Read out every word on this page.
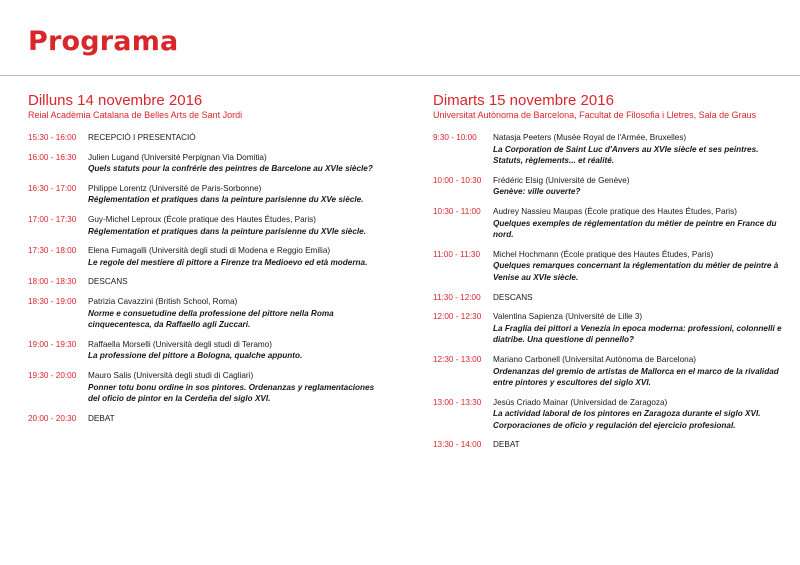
Programa
Dilluns 14 novembre 2016
Reial Acadèmia Catalana de Belles Arts de Sant Jordi
15:30 - 16:00	RECEPCIÓ I PRESENTACIÓ
16:00 - 16:30	Julien Lugand (Université Perpignan Via Domitia)
Quels statuts pour la confrérie des peintres de Barcelone au XVIe siècle?
16:30 - 17:00	Philippe Lorentz (Université de Paris-Sorbonne)
Réglementation et pratiques dans la peinture parisienne du XVe siècle.
17:00 - 17:30	Guy-Michel Leproux (École pratique des Hautes Études, Paris)
Réglementation et pratiques dans la peinture parisienne du XVIe siècle.
17:30 - 18:00	Elena Fumagalli (Università degli studi di Modena e Reggio Emilia)
Le regole del mestiere di pittore a Firenze tra Medioevo ed età moderna.
18:00 - 18:30	DESCANS
18:30 - 19:00	Patrizia Cavazzini (British School, Roma)
Norme e consuetudine della professione del pittore nella Roma cinquecentesca, da Raffaello agli Zuccari.
19:00 - 19:30	Raffaella Morselli (Università degli studi di Teramo)
La professione del pittore a Bologna, qualche appunto.
19:30 - 20:00	Mauro Salis (Università degli studi di Cagliari)
Ponner totu bonu ordine in sos pintores. Ordenanzas y reglamentaciones del oficio de pintor en la Cerdeña del siglo XVI.
20:00 - 20:30	DEBAT
Dimarts 15 novembre 2016
Universitat Autònoma de Barcelona, Facultat de Filosofia i Lletres, Sala de Graus
9:30 - 10:00	Natasja Peeters (Musée Royal de l'Armée, Bruxelles)
La Corporation de Saint Luc d'Anvers au XVIe siècle et ses peintres. Statuts, règlements... et réalité.
10:00 - 10:30	Frédéric Elsig (Université de Genève)
Genève: ville ouverte?
10:30 - 11:00	Audrey Nassieu Maupas (École pratique des Hautes Études, Paris)
Quelques exemples de réglementation du métier de peintre en France du nord.
11:00 - 11:30	Michel Hochmann (École pratique des Hautes Études, Paris)
Quelques remarques concernant la réglementation du métier de peintre à Venise au XVIe siècle.
11:30 - 12:00	DESCANS
12:00 - 12:30	Valentina Sapienza (Université de Lille 3)
La Fraglia dei pittori a Venezia in epoca moderna: professioni, colonnelli e diatribe. Una questione di pennello?
12:30 - 13:00	Mariano Carbonell (Universitat Autònoma de Barcelona)
Ordenanzas del gremio de artistas de Mallorca en el marco de la rivalidad entre pintores y escultores del siglo XVI.
13:00 - 13:30	Jesús Criado Mainar (Universidad de Zaragoza)
La actividad laboral de los pintores en Zaragoza durante el siglo XVI. Corporaciones de oficio y regulación del ejercicio profesional.
13:30 - 14:00	DEBAT
